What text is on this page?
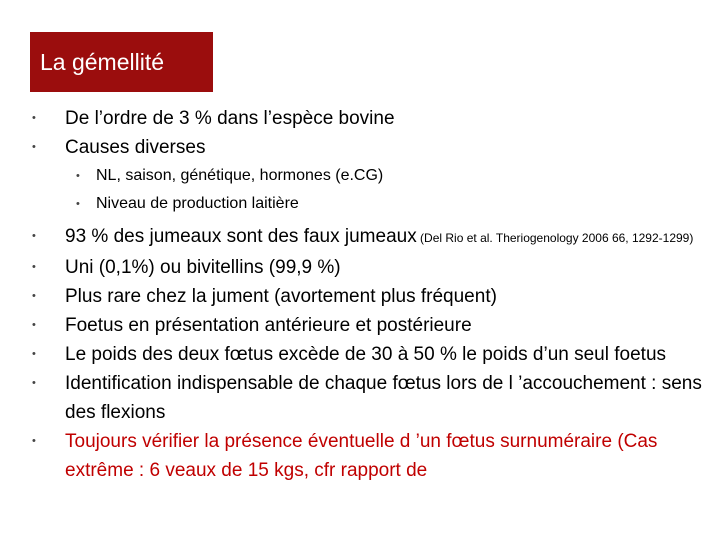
La gémellité
• De l’ordre de 3 % dans l’espèce bovine
• Causes diverses
• NL, saison, génétique, hormones (e.CG)
• Niveau de production laitière
• 93 % des jumeaux sont des faux jumeaux (Del Rio et al. Theriogenology 2006 66, 1292-1299)
• Uni (0,1%) ou bivitellins (99,9 %)
• Plus rare chez la jument (avortement plus fréquent)
• Foetus en présentation antérieure et postérieure
• Le poids des deux fœtus excède de 30 à 50 % le poids d’un seul foetus
• Identification indispensable de chaque fœtus lors de l ’accouchement : sens des flexions
• Toujours vérifier la présence éventuelle d ’un fœtus surnuméraire (Cas extrême : 6 veaux de 15 kgs, cfr rapport de
